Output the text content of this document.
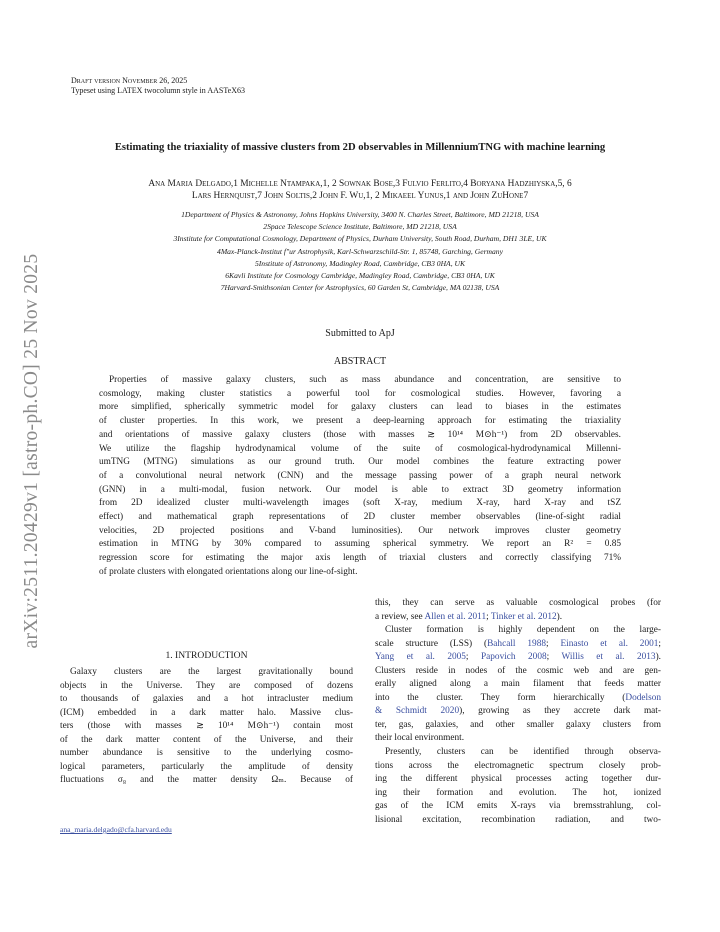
arXiv:2511.20429v1 [astro-ph.CO] 25 Nov 2025
Draft version November 26, 2025
Typeset using LATEX twocolumn style in AASTeX63
Estimating the triaxiality of massive clusters from 2D observables in MillenniumTNG with machine learning
Ana Maria Delgado,1 Michelle Ntampaka,1, 2 Sownak Bose,3 Fulvio Ferlito,4 Boryana Hadzhiyska,5, 6
Lars Hernquist,7 John Soltis,2 John F. Wu,1, 2 Mikaeel Yunus,1 and John ZuHone7
1Department of Physics & Astronomy, Johns Hopkins University, 3400 N. Charles Street, Baltimore, MD 21218, USA
2Space Telescope Science Institute, Baltimore, MD 21218, USA
3Institute for Computational Cosmology, Department of Physics, Durham University, South Road, Durham, DH1 3LE, UK
4Max-Planck-Institut f"ur Astrophysik, Karl-Schwarzschild-Str. 1, 85748, Garching, Germany
5Institute of Astronomy, Madingley Road, Cambridge, CB3 0HA, UK
6Kavli Institute for Cosmology Cambridge, Madingley Road, Cambridge, CB3 0HA, UK
7Harvard-Smithsonian Center for Astrophysics, 60 Garden St, Cambridge, MA 02138, USA
Submitted to ApJ
ABSTRACT
Properties of massive galaxy clusters, such as mass abundance and concentration, are sensitive to
cosmology, making cluster statistics a powerful tool for cosmological studies. However, favoring a
more simplified, spherically symmetric model for galaxy clusters can lead to biases in the estimates
of cluster properties. In this work, we present a deep-learning approach for estimating the triaxiality
and orientations of massive galaxy clusters (those with masses ≳ 10¹⁴ M⊙h⁻¹) from 2D observables.
We utilize the flagship hydrodynamical volume of the suite of cosmological-hydrodynamical Millenni-
umTNG (MTNG) simulations as our ground truth. Our model combines the feature extracting power
of a convolutional neural network (CNN) and the message passing power of a graph neural network
(GNN) in a multi-modal, fusion network. Our model is able to extract 3D geometry information
from 2D idealized cluster multi-wavelength images (soft X-ray, medium X-ray, hard X-ray and tSZ
effect) and mathematical graph representations of 2D cluster member observables (line-of-sight radial
velocities, 2D projected positions and V-band luminosities). Our network improves cluster geometry
estimation in MTNG by 30% compared to assuming spherical symmetry. We report an R² = 0.85
regression score for estimating the major axis length of triaxial clusters and correctly classifying 71%
of prolate clusters with elongated orientations along our line-of-sight.
1. INTRODUCTION
Galaxy clusters are the largest gravitationally bound
objects in the Universe. They are composed of dozens
to thousands of galaxies and a hot intracluster medium
(ICM) embedded in a dark matter halo. Massive clus-
ters (those with masses ≳ 10¹⁴ M⊙h⁻¹) contain most
of the dark matter content of the Universe, and their
number abundance is sensitive to the underlying cosmo-
logical parameters, particularly the amplitude of density
fluctuations σ₈ and the matter density Ωₘ. Because of
ana_maria.delgado@cfa.harvard.edu
this, they can serve as valuable cosmological probes (for
a review, see Allen et al. 2011; Tinker et al. 2012).
Cluster formation is highly dependent on the large-
scale structure (LSS) (Bahcall 1988; Einasto et al. 2001;
Yang et al. 2005; Papovich 2008; Willis et al. 2013).
Clusters reside in nodes of the cosmic web and are gen-
erally aligned along a main filament that feeds matter
into the cluster. They form hierarchically (Dodelson
& Schmidt 2020), growing as they accrete dark mat-
ter, gas, galaxies, and other smaller galaxy clusters from
their local environment.
Presently, clusters can be identified through observa-
tions across the electromagnetic spectrum closely prob-
ing the different physical processes acting together dur-
ing their formation and evolution. The hot, ionized
gas of the ICM emits X-rays via bremsstrahlung, col-
lisional excitation, recombination radiation, and two-
